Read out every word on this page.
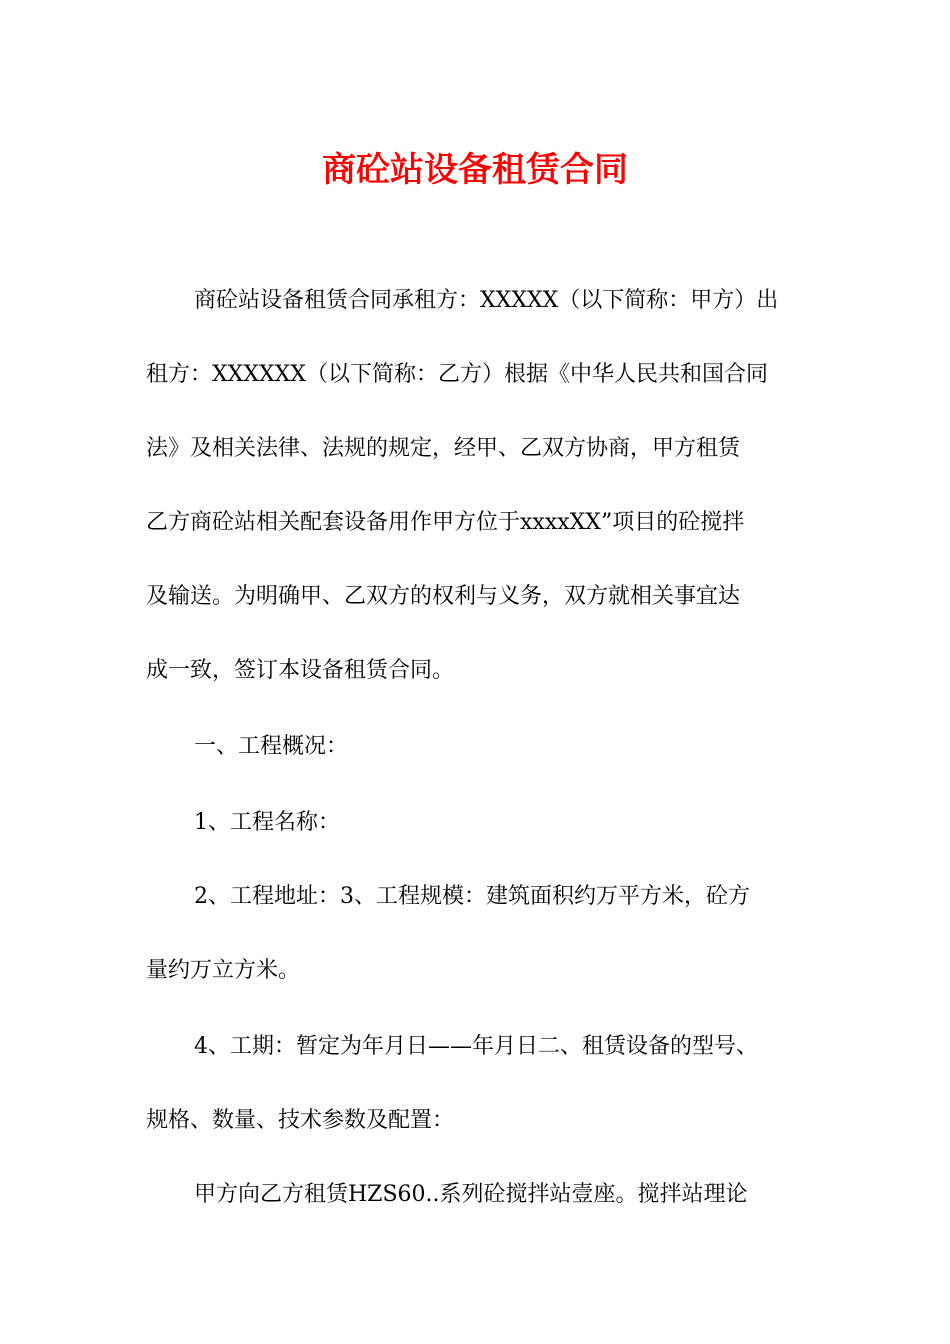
商砼站设备租赁合同
商砼站设备租赁合同承租方：XXXXX（以下简称：甲方）出
租方：XXXXXX（以下简称：乙方）根据《中华人民共和国合同
法》及相关法律、法规的规定，经甲、乙双方协商，甲方租赁
乙方商砼站相关配套设备用作甲方位于xxxxXX”项目的砼搅拌
及输送。为明确甲、乙双方的权利与义务，双方就相关事宜达
成一致，签订本设备租赁合同。
一、工程概况：
1、工程名称：
2、工程地址：3、工程规模：建筑面积约万平方米，砼方
量约万立方米。
4、工期：暂定为年月日——年月日二、租赁设备的型号、
规格、数量、技术参数及配置：
甲方向乙方租赁HZS60..系列砼搅拌站壹座。搅拌站理论
